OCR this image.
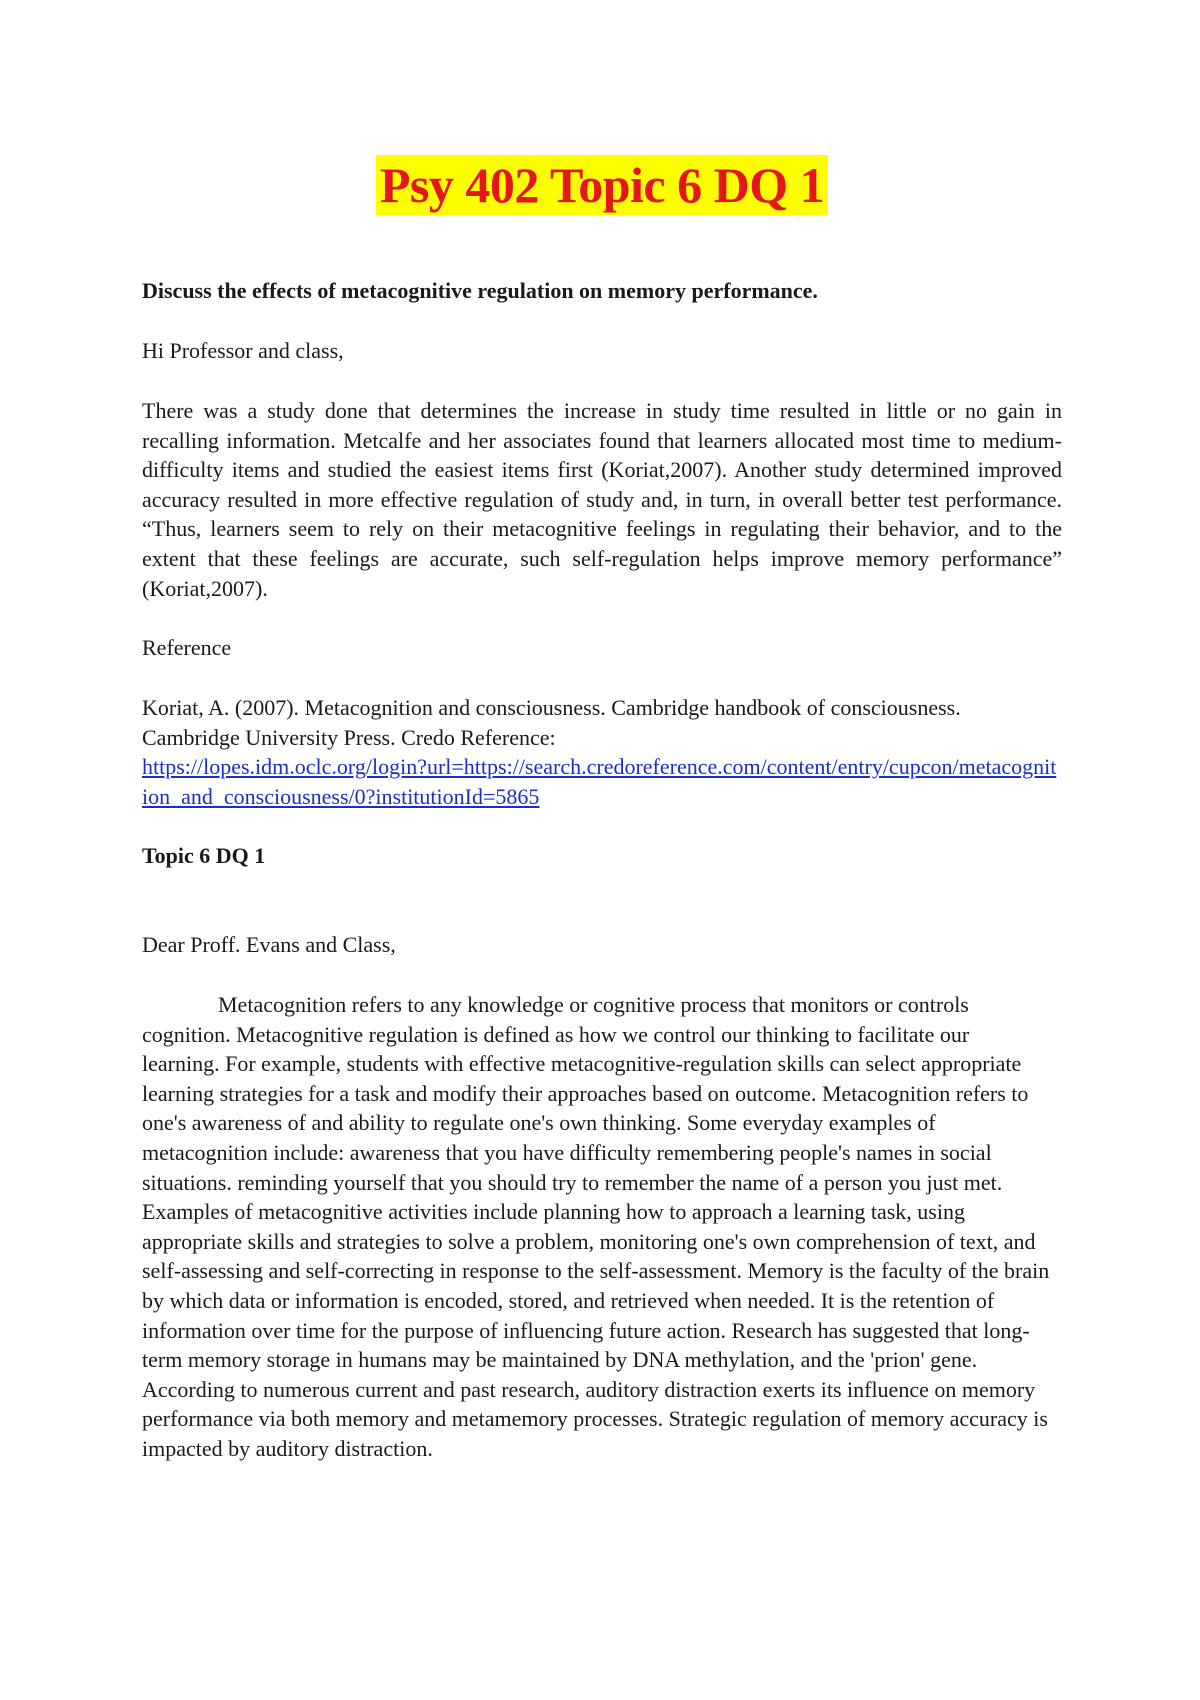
Psy 402 Topic 6 DQ 1
Discuss the effects of metacognitive regulation on memory performance.
Hi Professor and class,
There was a study done that determines the increase in study time resulted in little or no gain in recalling information. Metcalfe and her associates found that learners allocated most time to medium-difficulty items and studied the easiest items first (Koriat,2007). Another study determined improved accuracy resulted in more effective regulation of study and, in turn, in overall better test performance. “Thus, learners seem to rely on their metacognitive feelings in regulating their behavior, and to the extent that these feelings are accurate, such self-regulation helps improve memory performance” (Koriat,2007).
Reference

Koriat, A. (2007). Metacognition and consciousness. Cambridge handbook of consciousness.

Cambridge University Press. Credo Reference:

https://lopes.idm.oclc.org/login?url=https://search.credoreference.com/content/entry/cupcon/metacognition_and_consciousness/0?institutionId=5865

Topic 6 DQ 1
Dear Proff. Evans and Class,
Metacognition refers to any knowledge or cognitive process that monitors or controls cognition. Metacognitive regulation is defined as how we control our thinking to facilitate our learning. For example, students with effective metacognitive-regulation skills can select appropriate learning strategies for a task and modify their approaches based on outcome. Metacognition refers to one's awareness of and ability to regulate one's own thinking. Some everyday examples of metacognition include: awareness that you have difficulty remembering people's names in social situations. reminding yourself that you should try to remember the name of a person you just met. Examples of metacognitive activities include planning how to approach a learning task, using appropriate skills and strategies to solve a problem, monitoring one's own comprehension of text, and self-assessing and self-correcting in response to the self-assessment. Memory is the faculty of the brain by which data or information is encoded, stored, and retrieved when needed. It is the retention of information over time for the purpose of influencing future action. Research has suggested that long-term memory storage in humans may be maintained by DNA methylation, and the 'prion' gene. According to numerous current and past research, auditory distraction exerts its influence on memory performance via both memory and metamemory processes. Strategic regulation of memory accuracy is impacted by auditory distraction.
